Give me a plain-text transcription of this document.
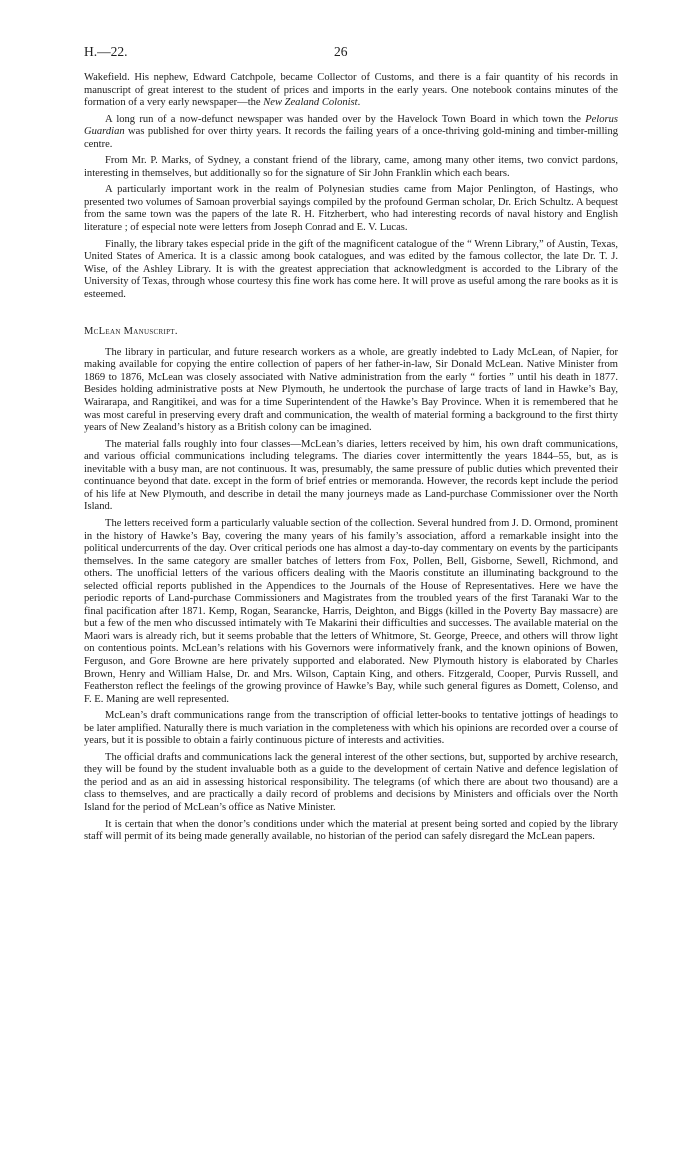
H.—22.	26

Wakefield. His nephew, Edward Catchpole, became Collector of Customs, and there is a fair quantity of his records in manuscript of great interest to the student of prices and imports in the early years. One notebook contains minutes of the formation of a very early newspaper—the New Zealand Colonist.

A long run of a now-defunct newspaper was handed over by the Havelock Town Board in which town the Pelorus Guardian was published for over thirty years. It records the failing years of a once-thriving gold-mining and timber-milling centre.

From Mr. P. Marks, of Sydney, a constant friend of the library, came, among many other items, two convict pardons, interesting in themselves, but additionally so for the signature of Sir John Franklin which each bears.

A particularly important work in the realm of Polynesian studies came from Major Penlington, of Hastings, who presented two volumes of Samoan proverbial sayings compiled by the profound German scholar, Dr. Erich Schultz. A bequest from the same town was the papers of the late R. H. Fitzherbert, who had interesting records of naval history and English literature ; of especial note were letters from Joseph Conrad and E. V. Lucas.

Finally, the library takes especial pride in the gift of the magnificent catalogue of the “ Wrenn Library,” of Austin, Texas, United States of America. It is a classic among book catalogues, and was edited by the famous collector, the late Dr. T. J. Wise, of the Ashley Library. It is with the greatest appreciation that acknowledgment is accorded to the Library of the University of Texas, through whose courtesy this fine work has come here. It will prove as useful among the rare books as it is esteemed.

McLean Manuscript.

The library in particular, and future research workers as a whole, are greatly indebted to Lady McLean, of Napier, for making available for copying the entire collection of papers of her father-in-law, Sir Donald McLean. Native Minister from 1869 to 1876, McLean was closely associated with Native administration from the early “ forties ” until his death in 1877. Besides holding administrative posts at New Plymouth, he undertook the purchase of large tracts of land in Hawke’s Bay, Wairarapa, and Rangitikei, and was for a time Superintendent of the Hawke’s Bay Province. When it is remembered that he was most careful in preserving every draft and communication, the wealth of material forming a background to the first thirty years of New Zealand’s history as a British colony can be imagined.

The material falls roughly into four classes—McLean’s diaries, letters received by him, his own draft communications, and various official communications including telegrams. The diaries cover intermittently the years 1844–55, but, as is inevitable with a busy man, are not continuous. It was, presumably, the same pressure of public duties which prevented their continuance beyond that date. except in the form of brief entries or memoranda. However, the records kept include the period of his life at New Plymouth, and describe in detail the many journeys made as Land-purchase Commissioner over the North Island.

The letters received form a particularly valuable section of the collection. Several hundred from J. D. Ormond, prominent in the history of Hawke’s Bay, covering the many years of his family’s association, afford a remarkable insight into the political undercurrents of the day. Over critical periods one has almost a day-to-day commentary on events by the participants themselves. In the same category are smaller batches of letters from Fox, Pollen, Bell, Gisborne, Sewell, Richmond, and others. The unofficial letters of the various officers dealing with the Maoris constitute an illuminating background to the selected official reports published in the Appendices to the Journals of the House of Representatives. Here we have the periodic reports of Land-purchase Commissioners and Magistrates from the troubled years of the first Taranaki War to the final pacification after 1871. Kemp, Rogan, Searancke, Harris, Deighton, and Biggs (killed in the Poverty Bay massacre) are but a few of the men who discussed intimately with Te Makarini their difficulties and successes. The available material on the Maori wars is already rich, but it seems probable that the letters of Whitmore, St. George, Preece, and others will throw light on contentious points. McLean’s relations with his Governors were informatively frank, and the known opinions of Bowen, Ferguson, and Gore Browne are here privately supported and elaborated. New Plymouth history is elaborated by Charles Brown, Henry and William Halse, Dr. and Mrs. Wilson, Captain King, and others. Fitzgerald, Cooper, Purvis Russell, and Featherston reflect the feelings of the growing province of Hawke’s Bay, while such general figures as Domett, Colenso, and F. E. Maning are well represented.

McLean’s draft communications range from the transcription of official letter-books to tentative jottings of headings to be later amplified. Naturally there is much variation in the completeness with which his opinions are recorded over a course of years, but it is possible to obtain a fairly continuous picture of interests and activities.

The official drafts and communications lack the general interest of the other sections, but, supported by archive research, they will be found by the student invaluable both as a guide to the development of certain Native and defence legislation of the period and as an aid in assessing historical responsibility. The telegrams (of which there are about two thousand) are a class to themselves, and are practically a daily record of problems and decisions by Ministers and officials over the North Island for the period of McLean’s office as Native Minister.

It is certain that when the donor’s conditions under which the material at present being sorted and copied by the library staff will permit of its being made generally available, no historian of the period can safely disregard the McLean papers.
